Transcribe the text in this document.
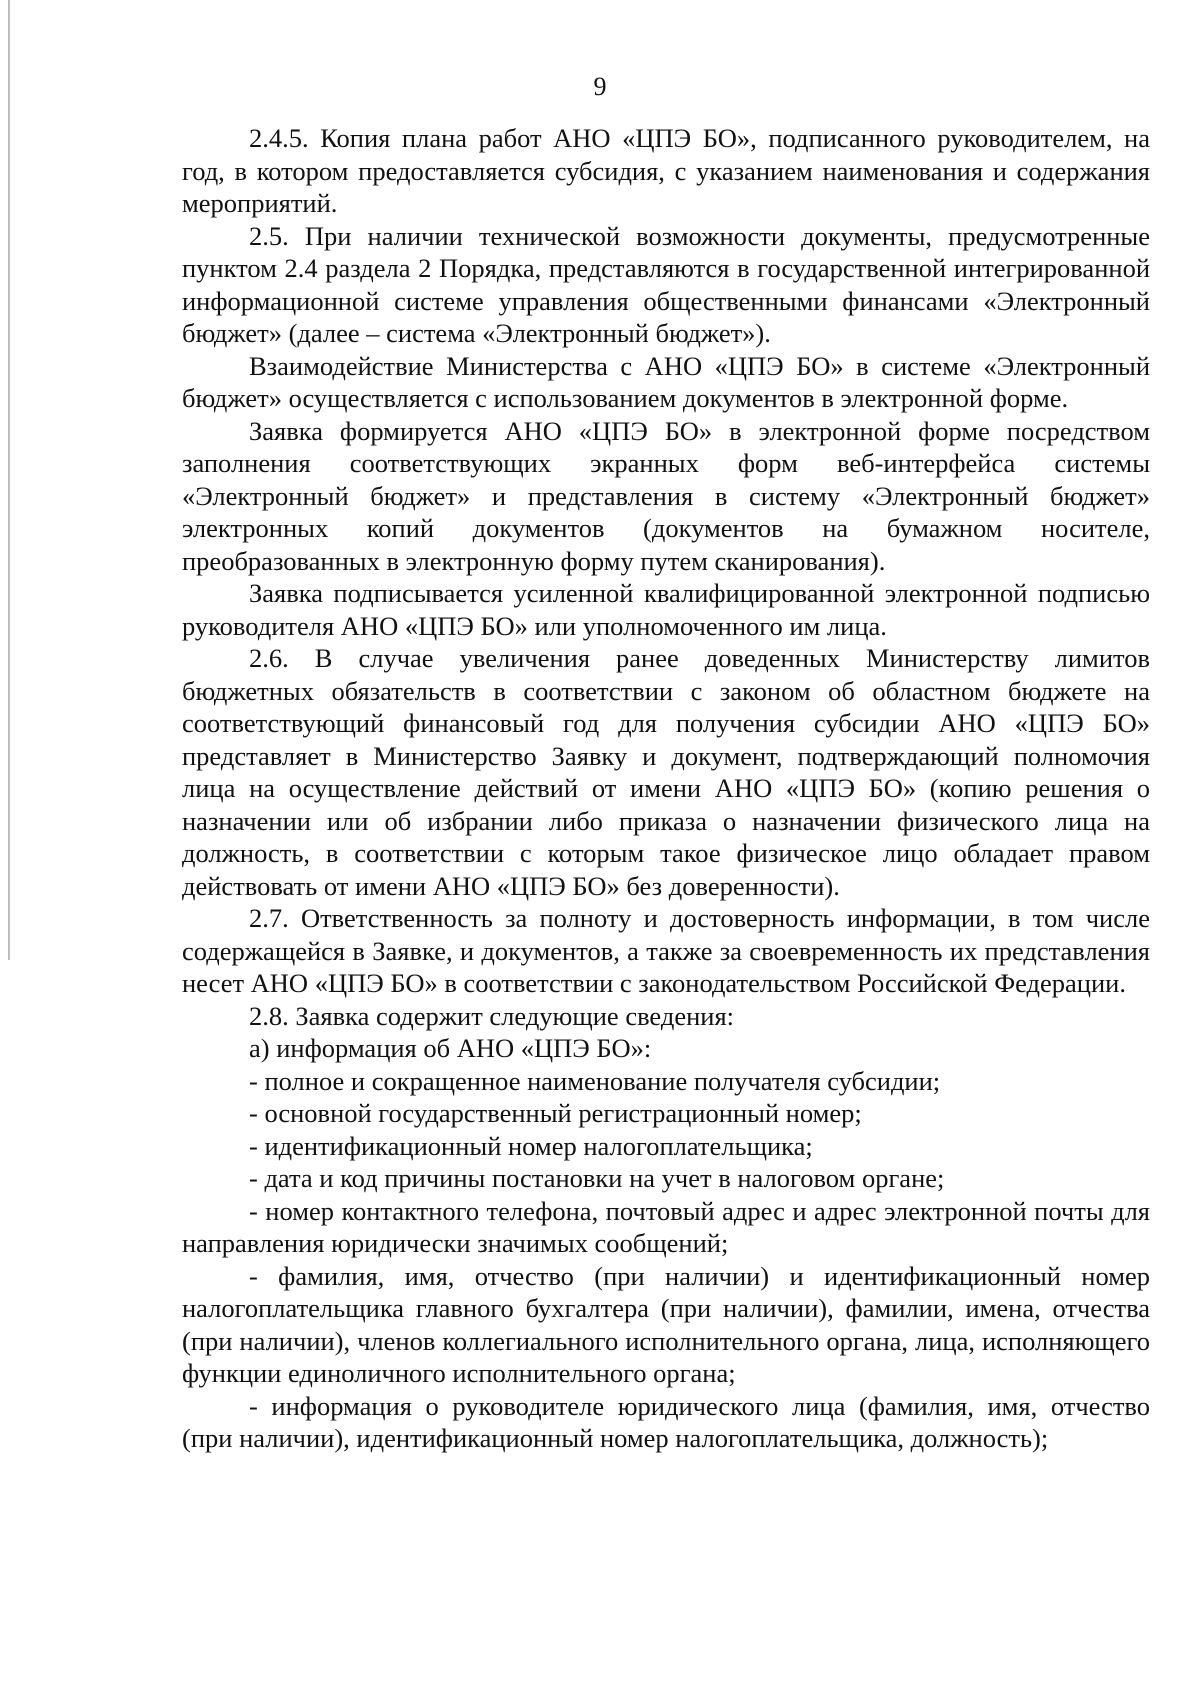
9

2.4.5. Копия плана работ АНО «ЦПЭ БО», подписанного руководителем, на год, в котором предоставляется субсидия, с указанием наименования и содержания мероприятий.

2.5. При наличии технической возможности документы, предусмотренные пунктом 2.4 раздела 2 Порядка, представляются в государственной интегрированной информационной системе управления общественными финансами «Электронный бюджет» (далее – система «Электронный бюджет»).

Взаимодействие Министерства с АНО «ЦПЭ БО» в системе «Электронный бюджет» осуществляется с использованием документов в электронной форме.

Заявка формируется АНО «ЦПЭ БО» в электронной форме посредством заполнения соответствующих экранных форм веб-интерфейса системы «Электронный бюджет» и представления в систему «Электронный бюджет» электронных копий документов (документов на бумажном носителе, преобразованных в электронную форму путем сканирования).

Заявка подписывается усиленной квалифицированной электронной подписью руководителя АНО «ЦПЭ БО» или уполномоченного им лица.

2.6. В случае увеличения ранее доведенных Министерству лимитов бюджетных обязательств в соответствии с законом об областном бюджете на соответствующий финансовый год для получения субсидии АНО «ЦПЭ БО» представляет в Министерство Заявку и документ, подтверждающий полномочия лица на осуществление действий от имени АНО «ЦПЭ БО» (копию решения о назначении или об избрании либо приказа о назначении физического лица на должность, в соответствии с которым такое физическое лицо обладает правом действовать от имени АНО «ЦПЭ БО» без доверенности).

2.7. Ответственность за полноту и достоверность информации, в том числе содержащейся в Заявке, и документов, а также за своевременность их представления несет АНО «ЦПЭ БО» в соответствии с законодательством Российской Федерации.

2.8. Заявка содержит следующие сведения:

а) информация об АНО «ЦПЭ БО»:

- полное и сокращенное наименование получателя субсидии;

- основной государственный регистрационный номер;

- идентификационный номер налогоплательщика;

- дата и код причины постановки на учет в налоговом органе;

- номер контактного телефона, почтовый адрес и адрес электронной почты для направления юридически значимых сообщений;

- фамилия, имя, отчество (при наличии) и идентификационный номер налогоплательщика главного бухгалтера (при наличии), фамилии, имена, отчества (при наличии), членов коллегиального исполнительного органа, лица, исполняющего функции единоличного исполнительного органа;

- информация о руководителе юридического лица (фамилия, имя, отчество (при наличии), идентификационный номер налогоплательщика, должность);
